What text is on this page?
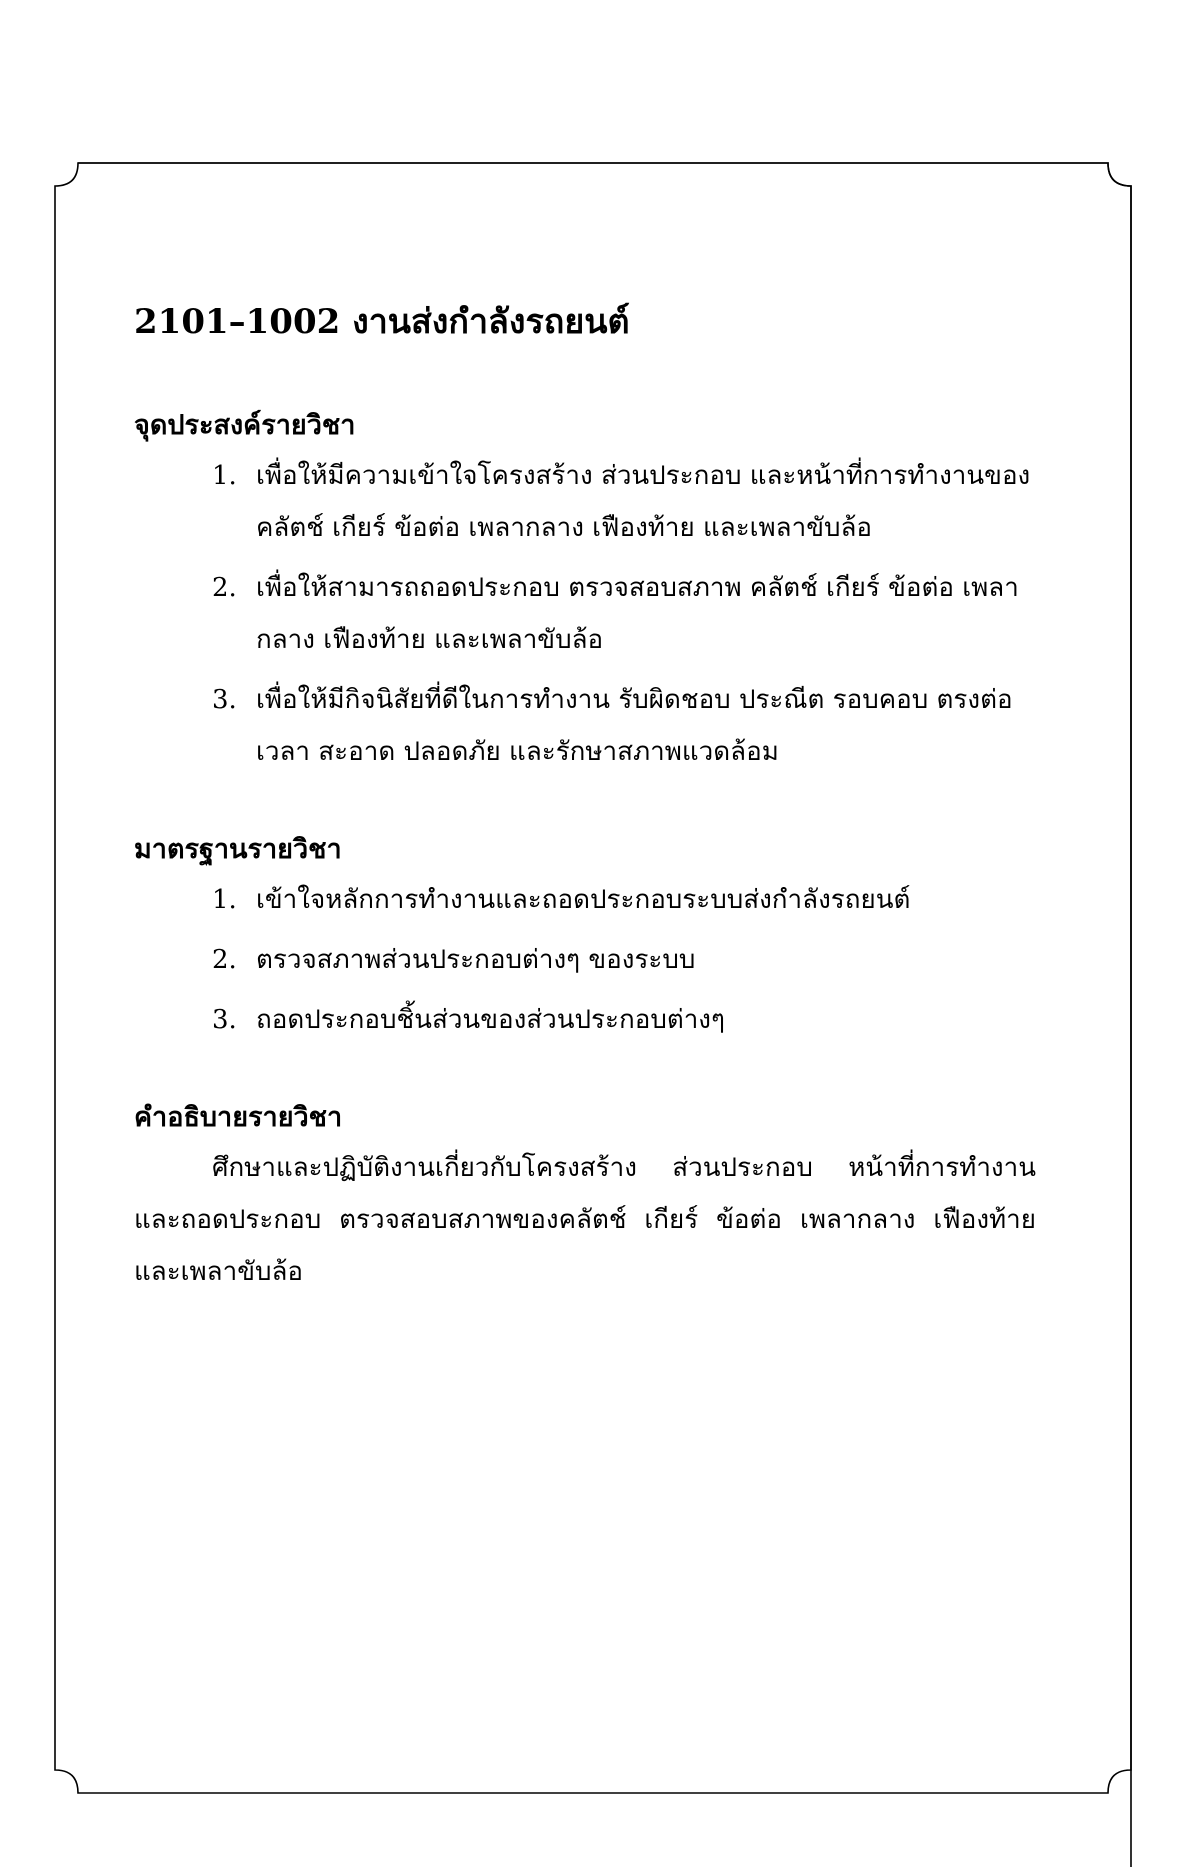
2101–1002 งานส่งกำลังรถยนต์
จุดประสงค์รายวิชา
1. เพื่อให้มีความเข้าใจโครงสร้าง ส่วนประกอบ และหน้าที่การทำงานของคลัตช์ เกียร์ ข้อต่อ เพลากลาง เฟืองท้าย และเพลาขับล้อ
2. เพื่อให้สามารถถอดประกอบ ตรวจสอบสภาพ คลัตช์ เกียร์ ข้อต่อ เพลากลาง เฟืองท้าย และเพลาขับล้อ
3. เพื่อให้มีกิจนิสัยที่ดีในการทำงาน รับผิดชอบ ประณีต รอบคอบ ตรงต่อเวลา สะอาด ปลอดภัย และรักษาสภาพแวดล้อม
มาตรฐานรายวิชา
1. เข้าใจหลักการทำงานและถอดประกอบระบบส่งกำลังรถยนต์
2. ตรวจสภาพส่วนประกอบต่างๆ ของระบบ
3. ถอดประกอบชิ้นส่วนของส่วนประกอบต่างๆ
คำอธิบายรายวิชา

ศึกษาและปฏิบัติงานเกี่ยวกับโครงสร้าง ส่วนประกอบ หน้าที่การทำงาน และถอดประกอบ ตรวจสอบสภาพของคลัตช์ เกียร์ ข้อต่อ เพลากลาง เฟืองท้าย และเพลาขับล้อ
